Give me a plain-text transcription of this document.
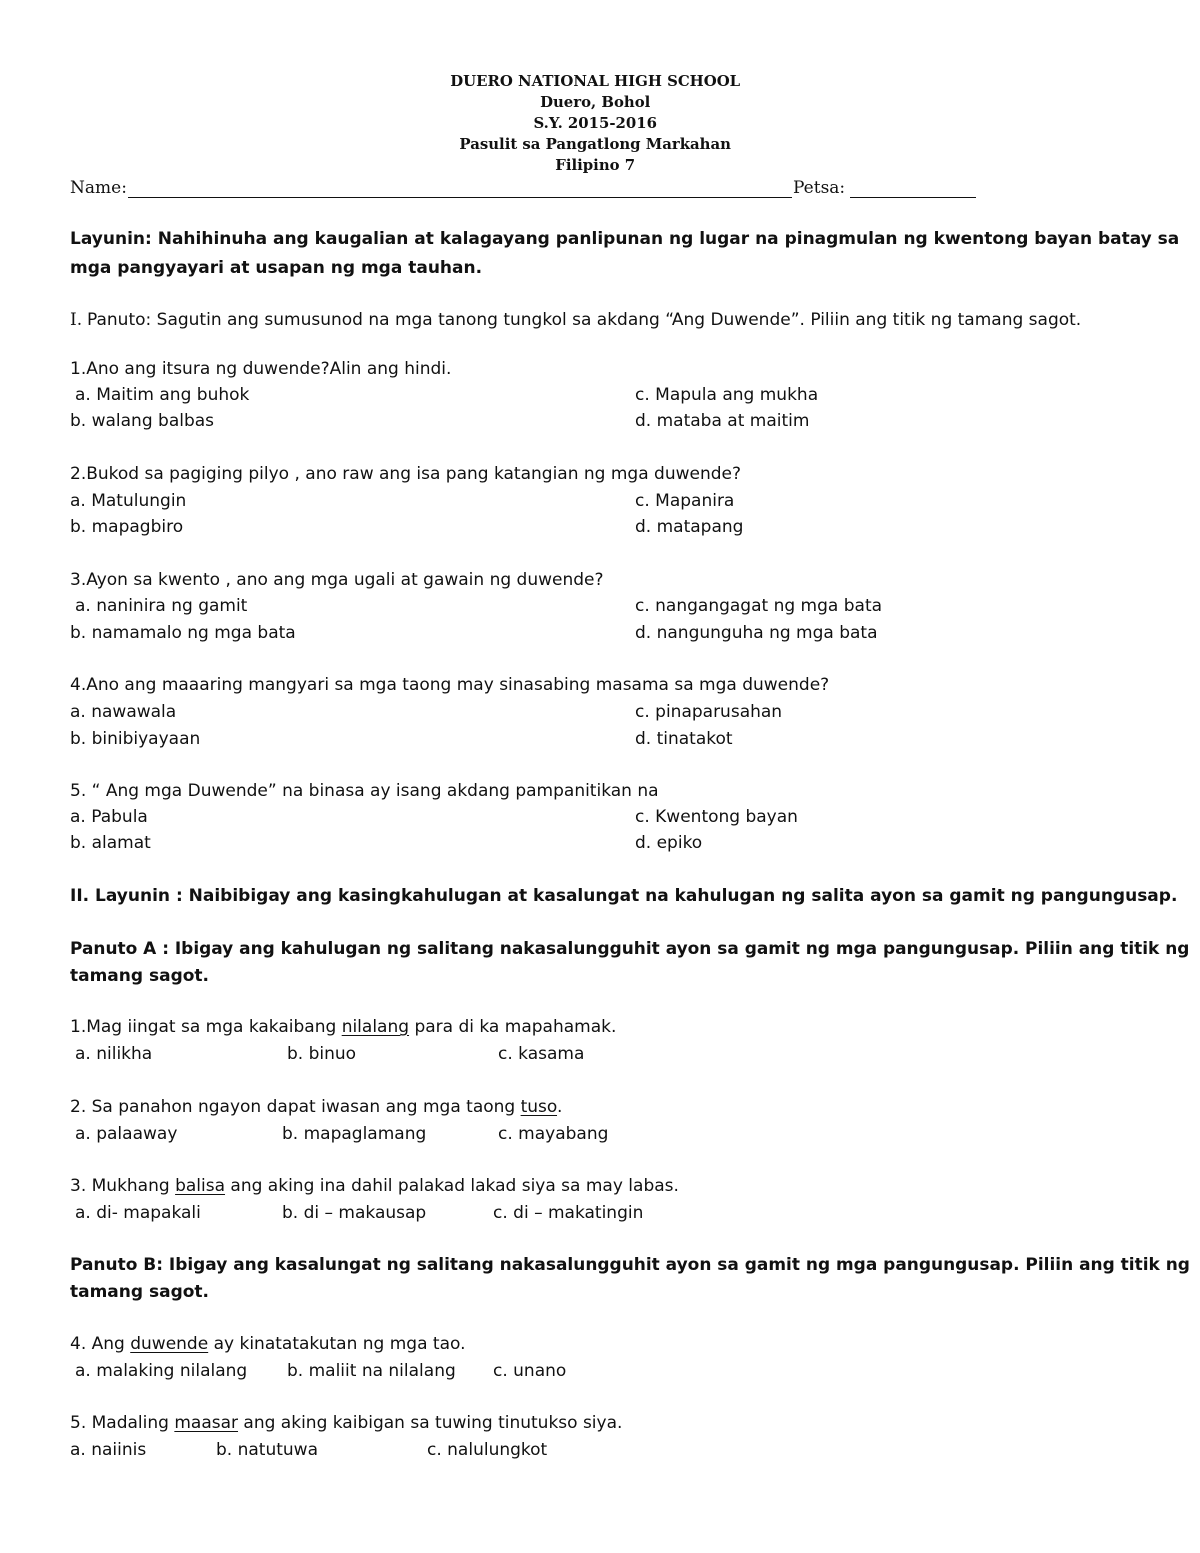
DUERO NATIONAL HIGH SCHOOL
Duero, Bohol
S.Y. 2015-2016
Pasulit sa Pangatlong Markahan
Filipino 7
Name:	Petsa:
Layunin: Nahihinuha ang kaugalian at kalagayang panlipunan ng lugar na pinagmulan ng kwentong bayan batay sa
mga pangyayari at usapan ng mga tauhan.
I. Panuto: Sagutin ang sumusunod na mga tanong tungkol sa akdang “Ang Duwende”. Piliin ang titik ng tamang sagot.
1.Ano ang itsura ng duwende?Alin ang hindi.
a. Maitim ang buhok
b. walang balbas
c. Mapula ang mukha
d. mataba at maitim
2.Bukod sa pagiging pilyo , ano raw ang isa pang katangian ng mga duwende?
a. Matulungin
b. mapagbiro
c. Mapanira
d. matapang
3.Ayon sa kwento , ano ang mga ugali at gawain ng duwende?
a. naninira ng gamit
b. namamalo ng mga bata
c. nangangagat ng mga bata
d. nangunguha ng mga bata
4.Ano ang maaaring mangyari sa mga taong may sinasabing masama sa mga duwende?
a. nawawala
b. binibiyayaan
c. pinaparusahan
d. tinatakot
5. “ Ang mga Duwende” na binasa ay isang akdang pampanitikan na
a. Pabula
b. alamat
c. Kwentong bayan
d. epiko
II. Layunin : Naibibigay ang kasingkahulugan at kasalungat na kahulugan ng salita ayon sa gamit ng pangungusap.
Panuto A : Ibigay ang kahulugan ng salitang nakasalungguhit ayon sa gamit ng mga pangungusap. Piliin ang titik ng
tamang sagot.
1.Mag iingat sa mga kakaibang nilalang para di ka mapahamak.
a. nilikha	b. binuo	c. kasama
2. Sa panahon ngayon dapat iwasan ang mga taong tuso.
a. palaaway	b. mapaglamang	c. mayabang
3. Mukhang balisa ang aking ina dahil palakad lakad siya sa may labas.
a. di- mapakali	b. di – makausap	c. di – makatingin
Panuto B: Ibigay ang kasalungat ng salitang nakasalungguhit ayon sa gamit ng mga pangungusap. Piliin ang titik ng
tamang sagot.
4. Ang duwende ay kinatatakutan ng mga tao.
a. malaking nilalang b. maliit na nilalang c. unano
5. Madaling maasar ang aking kaibigan sa tuwing tinutukso siya.
a. naiinis	b. natutuwa	c. nalulungkot
